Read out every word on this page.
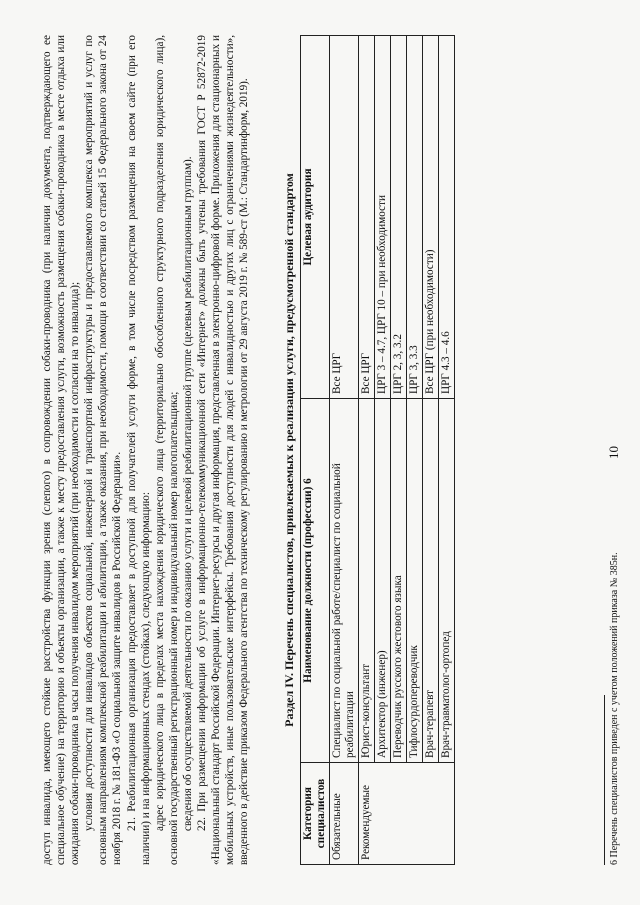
10

доступ инвалида, имеющего стойкие расстройства функции зрения (слепого) в сопровождении собаки-проводника (при наличии документа, подтверждающего ее специальное обучение) на территорию и объекты организации, а также к месту предоставления услуги, возможность размещения собаки-проводника в месте отдыха или ожидания собаки-проводника в часы получения инвалидом мероприятий (при необходимости и согласии на то инвалида); условия доступности для инвалидов объектов социальной, инженерной и транспортной инфраструктуры и предоставляемого комплекса мероприятий и услуг по основным направлениям комплексной реабилитации и абилитации, а также оказания, при необходимости, помощи в соответствии со статьей 15 Федерального закона от 24 ноября 2018 г. № 181-ФЗ «О социальной защите инвалидов в Российской Федерации». 21. Реабилитационная организация предоставляет в доступной для получателей услуги форме, в том числе посредством размещения на своем сайте (при его наличии) и на информационных стендах (стойках), следующую информацию: адрес юридического лица в пределах места нахождения юридического лица (территориально обособленного структурного подразделения юридического лица), основной государственный регистрационный номер и индивидуальный номер налогоплательщика; сведения об осуществляемой деятельности по оказанию услуги и целевой реабилитационной группе (целевым реабилитационным группам). 22. При размещении информации об услуге в информационно-телекоммуникационной сети «Интернет» должны быть учтены требования ГОСТ Р 52872-2019 «Национальный стандарт Российской Федерации. Интернет-ресурсы и другая информация, представленная в электронно-цифровой форме. Приложения для стационарных и мобильных устройств, иные пользовательские интерфейсы. Требования доступности для людей с инвалидностью и других лиц с ограничениями жизнедеятельности», введенного в действие приказом Федерального агентства по техническому регулированию и метрологии от 29 августа 2019 г. № 589-ст (М.: Стандартинформ, 2019).	Раздел IV. Перечень специалистов, привлекаемых к реализации услуги, предусмотренной стандартом
Категория специалистов	Наименование должности (профессии) 6	Целевая аудитория
Обязательные	Специалист по социальной работе/специалист по социальной реабилитации	Все ЦРГ
Рекомендуемые	Юрист-консультант	Все ЦРГ
	Архитектор (инженер)	ЦРГ 3 – 4.7, ЦРГ 10 – при необходимости
	Переводчик русского жестового языка	ЦРГ 2, 3, 3.2
	Тифлосурдопереводчик	ЦРГ 3, 3.3
	Врач-терапевт	Все ЦРГ (при необходимости)
	Врач-травматолог-ортопед	ЦРГ 4.3 – 4.6
6 Перечень специалистов приведен с учетом положений приказа № 385н.
